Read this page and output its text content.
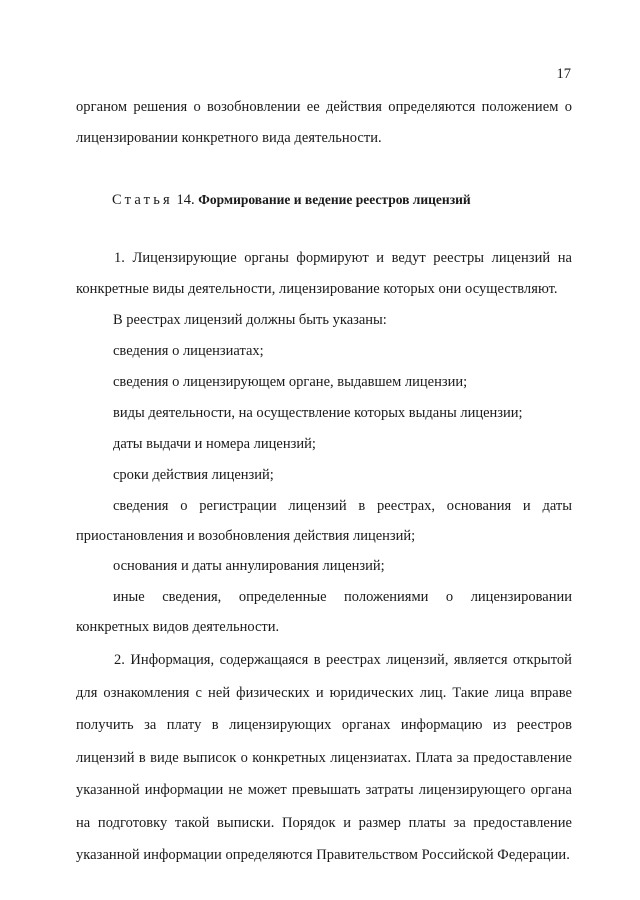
17

органом решения о возобновлении ее действия определяются положением о лицензировании конкретного вида деятельности.

Статья 14. Формирование и ведение реестров лицензий

1. Лицензирующие органы формируют и ведут реестры лицензий на конкретные виды деятельности, лицензирование которых они осуществляют.

В реестрах лицензий должны быть указаны:

сведения о лицензиатах;

сведения о лицензирующем органе, выдавшем лицензии;

виды деятельности, на осуществление которых выданы лицензии;

даты выдачи и номера лицензий;

сроки действия лицензий;

сведения о регистрации лицензий в реестрах, основания и даты приостановления и возобновления действия лицензий;

основания и даты аннулирования лицензий;

иные сведения, определенные положениями о лицензировании конкретных видов деятельности.

2. Информация, содержащаяся в реестрах лицензий, является открытой для ознакомления с ней физических и юридических лиц. Такие лица вправе получить за плату в лицензирующих органах информацию из реестров лицензий в виде выписок о конкретных лицензиатах. Плата за предоставление указанной информации не может превышать затраты лицензирующего органа на подготовку такой выписки. Порядок и размер платы за предоставление указанной информации определяются Правительством Российской Федерации.
